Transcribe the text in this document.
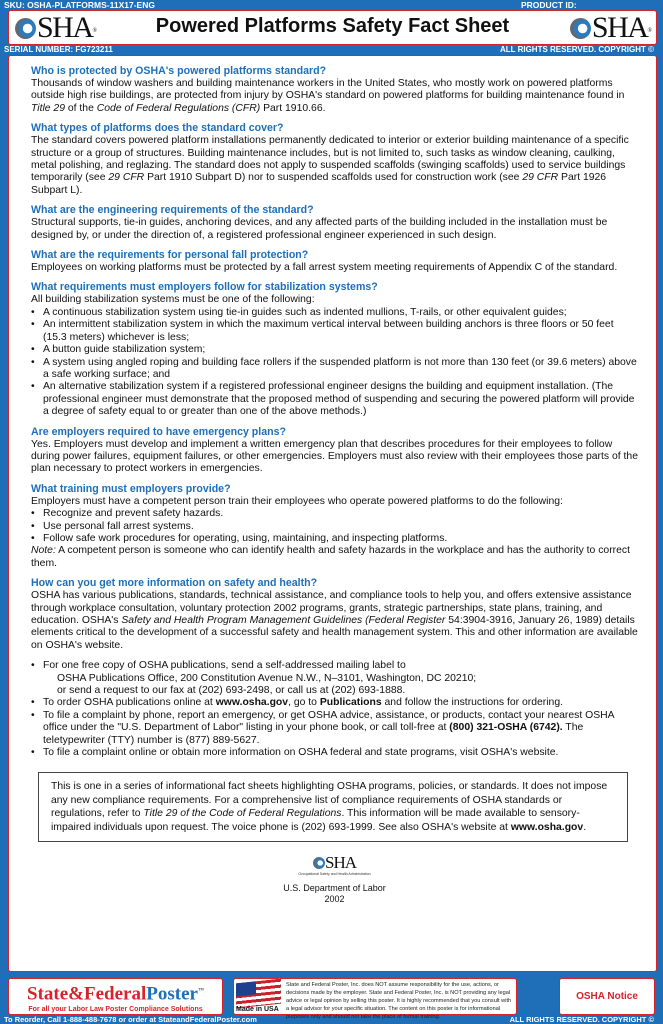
SKU: OSHA-PLATFORMS-11X17-ENG	PRODUCT ID:
SHA ®	Powered Platforms Safety Fact Sheet	SHA ®
SERIAL NUMBER: FG723211	ALL RIGHTS RESERVED. COPYRIGHT ©
Who is protected by OSHA's powered platforms standard?
Thousands of window washers and building maintenance workers in the United States, who mostly work on powered platforms outside high rise buildings, are protected from injury by OSHA's standard on powered platforms for building maintenance found in Title 29 of the Code of Federal Regulations (CFR) Part 1910.66.
What types of platforms does the standard cover?
The standard covers powered platform installations permanently dedicated to interior or exterior building maintenance of a specific structure or a group of structures. Building maintenance includes, but is not limited to, such tasks as window cleaning, caulking, metal polishing, and reglazing. The standard does not apply to suspended scaffolds (swinging scaffolds) used to service buildings temporarily (see 29 CFR Part 1910 Subpart D) nor to suspended scaffolds used for construction work (see 29 CFR Part 1926 Subpart L).
What are the engineering requirements of the standard?
Structural supports, tie-in guides, anchoring devices, and any affected parts of the building included in the installation must be designed by, or under the direction of, a registered professional engineer experienced in such design.
What are the requirements for personal fall protection?
Employees on working platforms must be protected by a fall arrest system meeting requirements of Appendix C of the standard.
What requirements must employers follow for stabilization systems?
All building stabilization systems must be one of the following:
• A continuous stabilization system using tie-in guides such as indented mullions, T-rails, or other equivalent guides;
• An intermittent stabilization system in which the maximum vertical interval between building anchors is three floors or 50 feet (15.3 meters) whichever is less;
• A button guide stabilization system;
• A system using angled roping and building face rollers if the suspended platform is not more than 130 feet (or 39.6 meters) above a safe working surface; and
• An alternative stabilization system if a registered professional engineer designs the building and equipment installation. (The professional engineer must demonstrate that the proposed method of suspending and securing the powered platform will provide a degree of safety equal to or greater than one of the above methods.)
Are employers required to have emergency plans?
Yes. Employers must develop and implement a written emergency plan that describes procedures for their employees to follow during power failures, equipment failures, or other emergencies. Employers must also review with their employees those parts of the plan necessary to protect workers in emergencies.
What training must employers provide?
Employers must have a competent person train their employees who operate powered platforms to do the following:
• Recognize and prevent safety hazards.
• Use personal fall arrest systems.
• Follow safe work procedures for operating, using, maintaining, and inspecting platforms.
Note: A competent person is someone who can identify health and safety hazards in the workplace and has the authority to correct them.
How can you get more information on safety and health?
OSHA has various publications, standards, technical assistance, and compliance tools to help you, and offers extensive assistance through workplace consultation, voluntary protection 2002 programs, grants, strategic partnerships, state plans, training, and education. OSHA's Safety and Health Program Management Guidelines (Federal Register 54:3904-3916, January 26, 1989) details elements critical to the development of a successful safety and health management system. This and other information are available on OSHA's website.
• For one free copy of OSHA publications, send a self-addressed mailing label to
OSHA Publications Office, 200 Constitution Avenue N.W., N–3101, Washington, DC 20210;
or send a request to our fax at (202) 693-2498, or call us at (202) 693-1888.
• To order OSHA publications online at www.osha.gov, go to Publications and follow the instructions for ordering.
• To file a complaint by phone, report an emergency, or get OSHA advice, assistance, or products, contact your nearest OSHA office under the "U.S. Department of Labor" listing in your phone book, or call toll-free at (800) 321-OSHA (6742). The teletypewriter (TTY) number is (877) 889-5627.
• To file a complaint online or obtain more information on OSHA federal and state programs, visit OSHA's website.
This is one in a series of informational fact sheets highlighting OSHA programs, policies, or standards. It does not impose any new compliance requirements. For a comprehensive list of compliance requirements of OSHA standards or regulations, refer to Title 29 of the Code of Federal Regulations. This information will be made available to sensory-impaired individuals upon request. The voice phone is (202) 693-1999. See also OSHA's website at www.osha.gov.
SHA
Occupational Safety and Health Administration
U.S. Department of Labor
2002
State&FederalPoster™
For all your Labor Law Poster Compliance Solutions	Made in USA
State and Federal Poster, Inc. does NOT assume responsibility for the use, actions, or decisions made by the employer. State and Federal Poster, Inc. is NOT providing any legal advice or legal opinion by selling this poster. It is highly recommended that you consult with a legal advisor for your specific situation. The content on this poster is for informational purposes only and should not take the place of formal training.
OSHA Notice
To Reorder, Call 1-888-488-7678 or order at StateandFederalPoster.com	ALL RIGHTS RESERVED. COPYRIGHT ©
